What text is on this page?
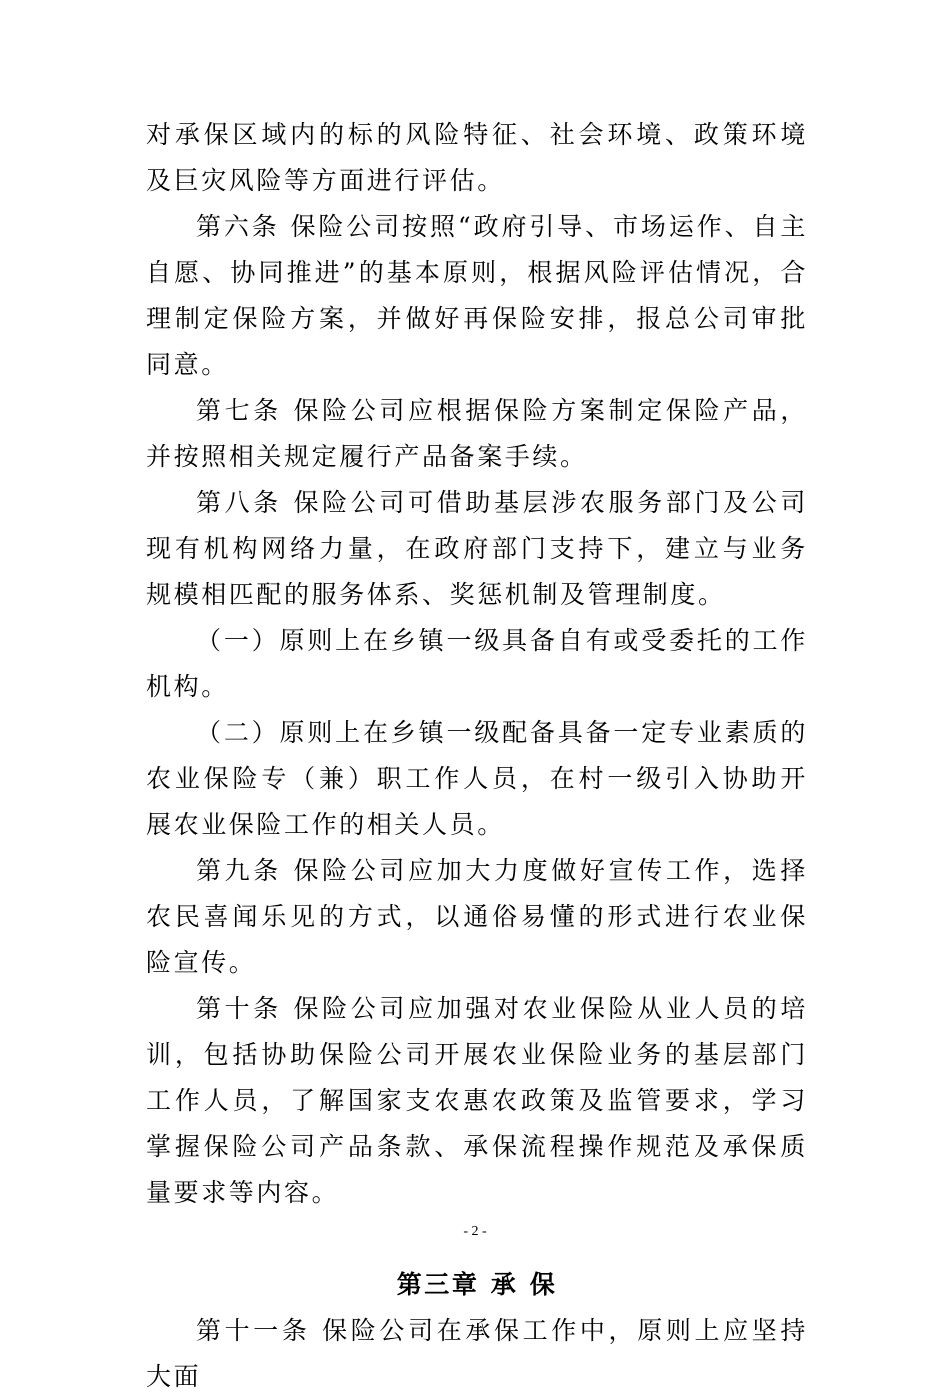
对承保区域内的标的风险特征、社会环境、政策环境及巨灾风险等方面进行评估。

第六条 保险公司按照“政府引导、市场运作、自主自愿、协同推进”的基本原则，根据风险评估情况，合理制定保险方案，并做好再保险安排，报总公司审批同意。

第七条 保险公司应根据保险方案制定保险产品，并按照相关规定履行产品备案手续。

第八条 保险公司可借助基层涉农服务部门及公司现有机构网络力量，在政府部门支持下，建立与业务规模相匹配的服务体系、奖惩机制及管理制度。

（一）原则上在乡镇一级具备自有或受委托的工作机构。

（二）原则上在乡镇一级配备具备一定专业素质的农业保险专（兼）职工作人员，在村一级引入协助开展农业保险工作的相关人员。

第九条 保险公司应加大力度做好宣传工作，选择农民喜闻乐见的方式，以通俗易懂的形式进行农业保险宣传。

第十条 保险公司应加强对农业保险从业人员的培训，包括协助保险公司开展农业保险业务的基层部门工作人员，了解国家支农惠农政策及监管要求，学习掌握保险公司产品条款、承保流程操作规范及承保质量要求等内容。

第三章 承 保

第十一条 保险公司在承保工作中，原则上应坚持大面

- 2 -
